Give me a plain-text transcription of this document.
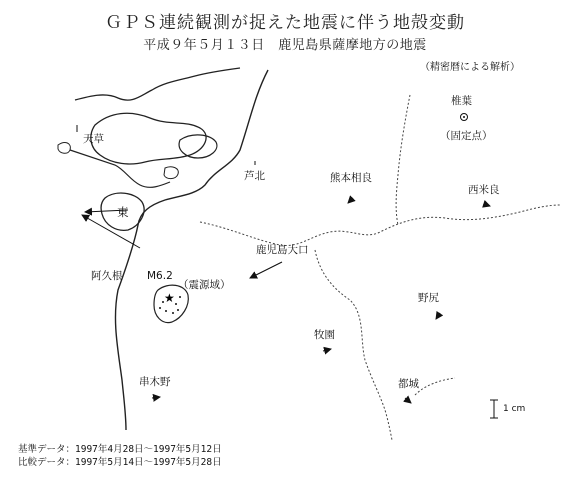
ＧＰＳ連続観測が捉えた地震に伴う地殻変動
平成９年５月１３日　鹿児島県薩摩地方の地震
（精密暦による解析）
★
椎葉
（固定点）
天草
芦北	熊本相良
西米良
東
鹿児島大口
阿久根 M6.2
（震源域）
野尻
牧園
串木野	都城
1 cm
基準データ：1997年4月28日～1997年5月12日
比較データ：1997年5月14日～1997年5月28日
